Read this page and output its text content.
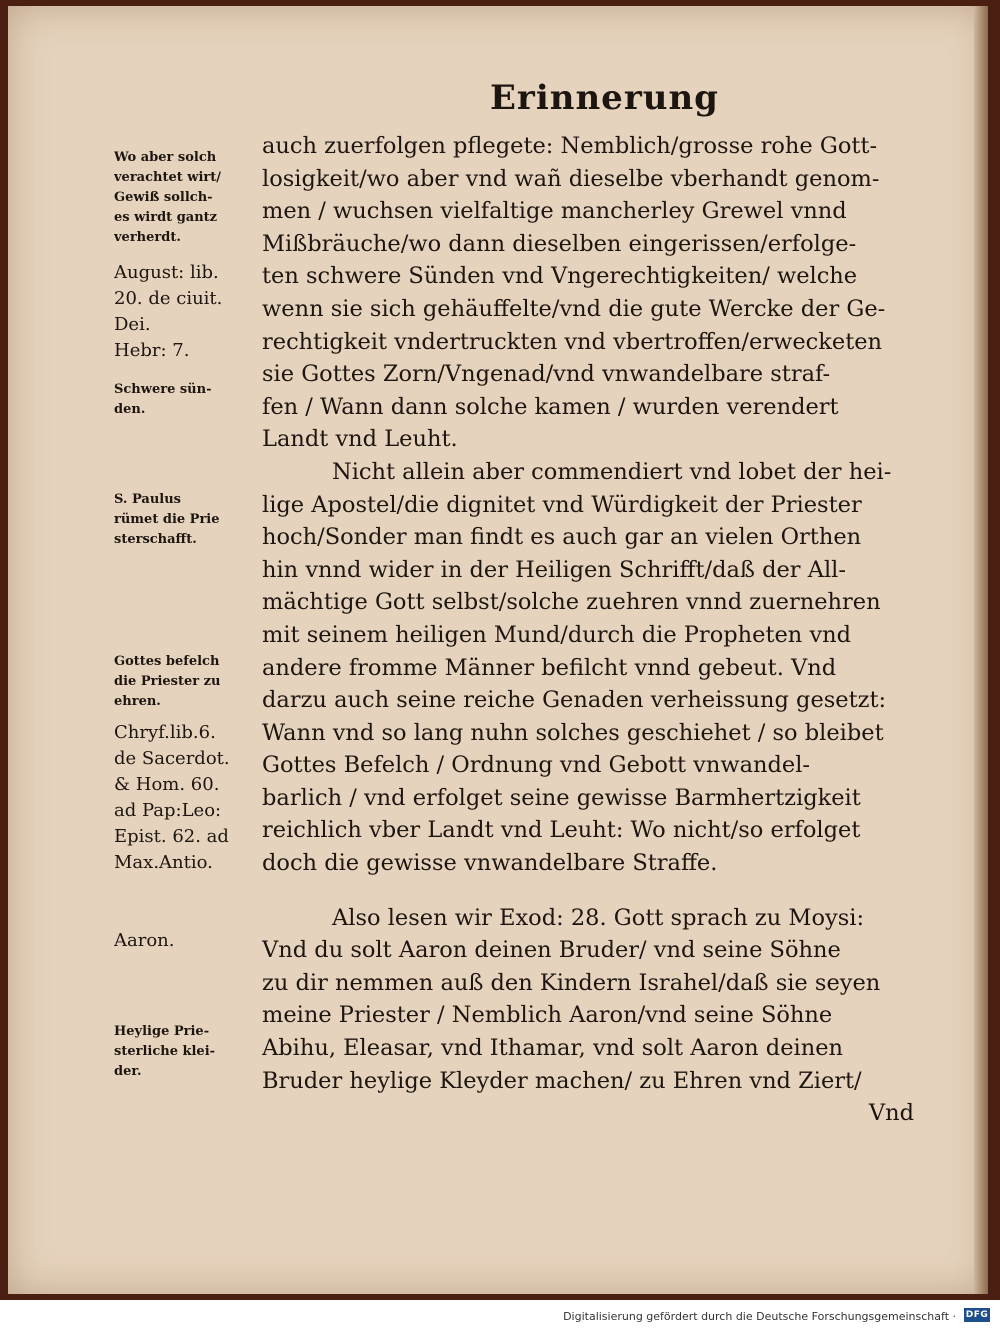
Erinnerung
auch zuerfolgen pflegete: Nemblich/grosse rohe Gott-
losigkeit/wo aber vnd wañ dieselbe vberhandt genom-
men / wuchsen vielfaltige mancherley Grewel vnnd
Mißbräuche/wo dann dieselben eingerissen/erfolge-
ten schwere Sünden vnd Vngerechtigkeiten/ welche
wenn sie sich gehäuffelte/vnd die gute Wercke der Ge-
rechtigkeit vndertruckten vnd vbertroffen/erwecketen
sie Gottes Zorn/Vngenad/vnd vnwandelbare straf-
fen / Wann dann solche kamen / wurden verendert
Landt vnd Leuht.
Nicht allein aber commendiert vnd lobet der hei-
lige Apostel/die dignitet vnd Würdigkeit der Priester
hoch/Sonder man findt es auch gar an vielen Orthen
hin vnnd wider in der Heiligen Schrifft/daß der All-
mächtige Gott selbst/solche zuehren vnnd zuernehren
mit seinem heiligen Mund/durch die Propheten vnd
andere fromme Männer befilcht vnnd gebeut. Vnd
darzu auch seine reiche Genaden verheissung gesetzt:
Wann vnd so lang nuhn solches geschiehet / so bleibet
Gottes Befelch / Ordnung vnd Gebott vnwandel-
barlich / vnd erfolget seine gewisse Barmhertzigkeit
reichlich vber Landt vnd Leuht: Wo nicht/so erfolget
doch die gewisse vnwandelbare Straffe.
Also lesen wir Exod: 28. Gott sprach zu Moysi:
Vnd du solt Aaron deinen Bruder/ vnd seine Söhne
zu dir nemmen auß den Kindern Israhel/daß sie seyen
meine Priester / Nemblich Aaron/vnd seine Söhne
Abihu, Eleasar, vnd Ithamar, vnd solt Aaron deinen
Bruder heylige Kleyder machen/ zu Ehren vnd Ziert/
Vnd
Wo aber solch
verachtet wirt/
Gewiß sollch-
es wirdt gantz
verherdt.
August: lib.
20. de ciuit.
Dei.
Hebr: 7.
Schwere sün-
den.
S. Paulus
rümet die Prie
sterschafft.
Gottes befelch
die Priester zu
ehren.
Chryf.lib.6.
de Sacerdot.
& Hom. 60.
ad Pap:Leo:
Epist. 62. ad
Max.Antio.
Aaron.
Heylige Prie-
sterliche klei-
der.
Digitalisierung gefördert durch die Deutsche Forschungsgemeinschaft · DFG
